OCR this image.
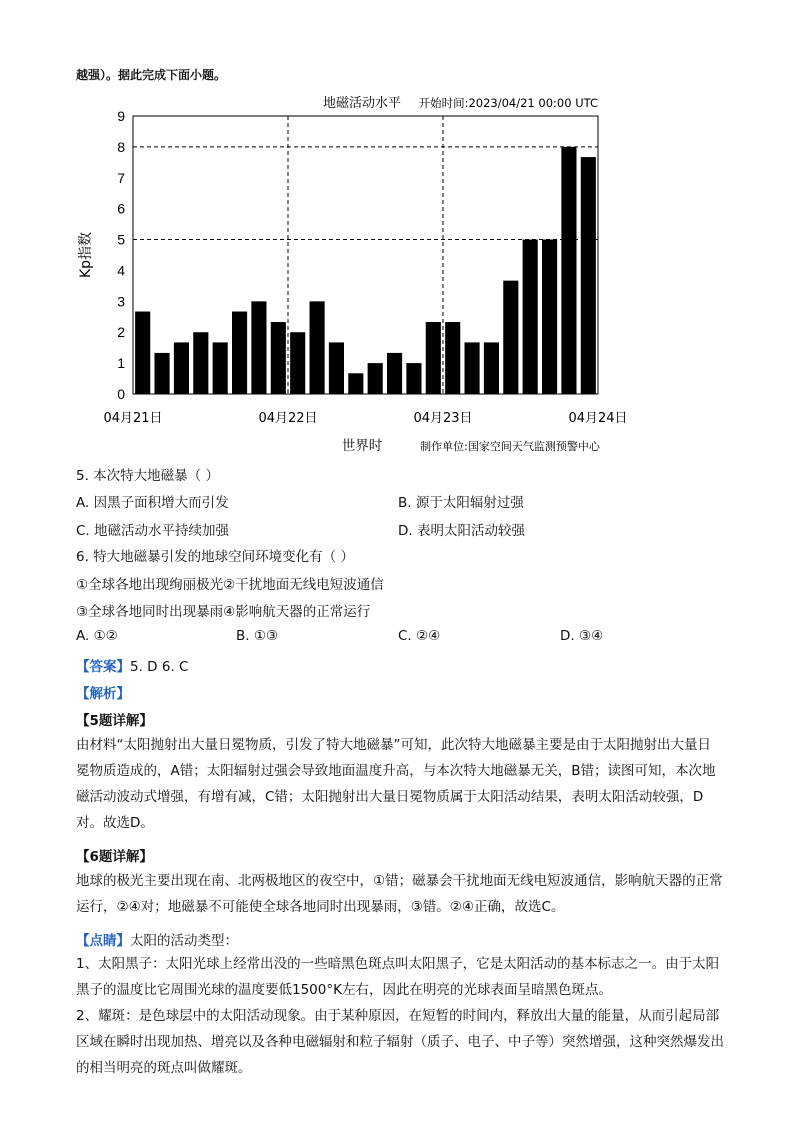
越强）。据此完成下面小题。
0
1
2
3
4
5
6
7
8
9
04月21日	04月22日	04月23日	04月24日
地磁活动水平 开始时间:2023/04/21 00:00 UTC
Kp指数
世界时	制作单位:国家空间天气监测预警中心
5. 本次特大地磁暴（ ）
A. 因黑子面积增大而引发	B. 源于太阳辐射过强
C. 地磁活动水平持续加强	D. 表明太阳活动较强
6. 特大地磁暴引发的地球空间环境变化有（ ）
①全球各地出现绚丽极光②干扰地面无线电短波通信
③全球各地同时出现暴雨④影响航天器的正常运行
A. ①②	B. ①③	C. ②④	D. ③④
【答案】5. D 6. C
【解析】
【5题详解】
由材料“太阳抛射出大量日冕物质，引发了特大地磁暴”可知，此次特大地磁暴主要是由于太阳抛射出大量日冕物质造成的，A错；太阳辐射过强会导致地面温度升高，与本次特大地磁暴无关，B错；读图可知，本次地磁活动波动式增强，有增有减，C错；太阳抛射出大量日冕物质属于太阳活动结果，表明太阳活动较强，D对。故选D。
【6题详解】
地球的极光主要出现在南、北两极地区的夜空中，①错；磁暴会干扰地面无线电短波通信，影响航天器的正常运行，②④对；地磁暴不可能使全球各地同时出现暴雨，③错。②④正确，故选C。
【点睛】太阳的活动类型：
1、太阳黑子：太阳光球上经常出没的一些暗黑色斑点叫太阳黑子，它是太阳活动的基本标志之一。由于太阳黑子的温度比它周围光球的温度要低1500°K左右，因此在明亮的光球表面呈暗黑色斑点。
2、耀斑：是色球层中的太阳活动现象。由于某种原因，在短暂的时间内，释放出大量的能量，从而引起局部区域在瞬时出现加热、增亮以及各种电磁辐射和粒子辐射（质子、电子、中子等）突然增强，这种突然爆发出的相当明亮的斑点叫做耀斑。
